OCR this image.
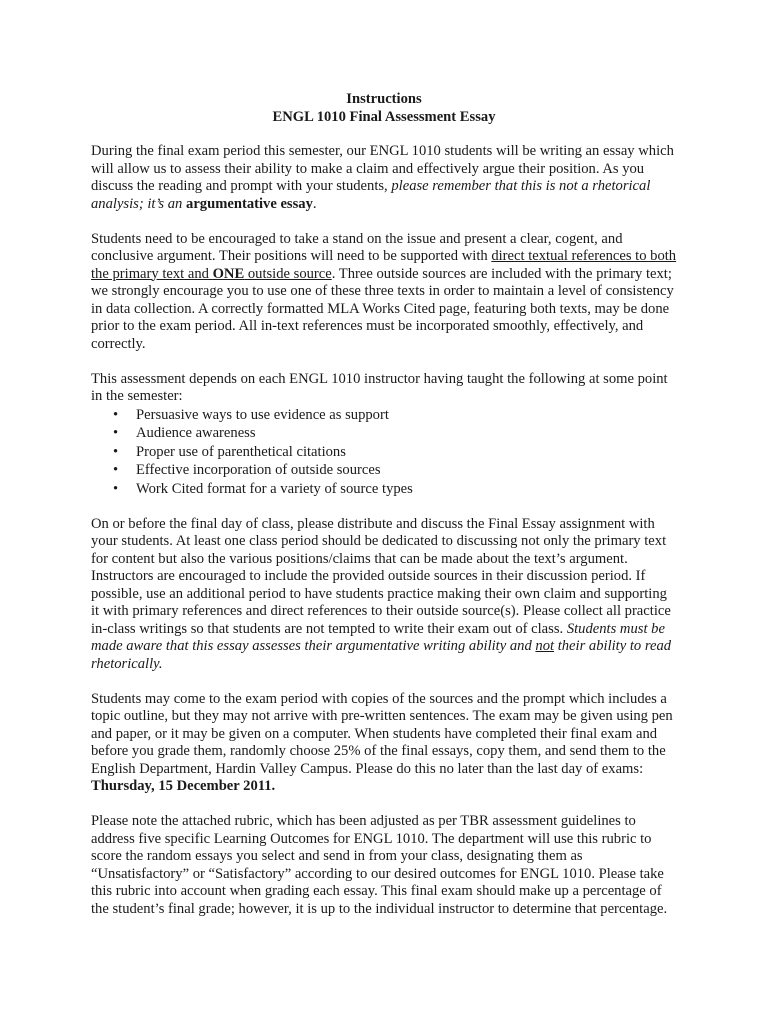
Instructions
ENGL 1010 Final Assessment Essay

During the final exam period this semester, our ENGL 1010 students will be writing an essay which will allow us to assess their ability to make a claim and effectively argue their position. As you discuss the reading and prompt with your students, please remember that this is not a rhetorical analysis; it’s an argumentative essay.

Students need to be encouraged to take a stand on the issue and present a clear, cogent, and conclusive argument. Their positions will need to be supported with direct textual references to both the primary text and ONE outside source. Three outside sources are included with the primary text; we strongly encourage you to use one of these three texts in order to maintain a level of consistency in data collection. A correctly formatted MLA Works Cited page, featuring both texts, may be done prior to the exam period. All in-text references must be incorporated smoothly, effectively, and correctly.

This assessment depends on each ENGL 1010 instructor having taught the following at some point in the semester:

• Persuasive ways to use evidence as support
• Audience awareness
• Proper use of parenthetical citations
• Effective incorporation of outside sources
• Work Cited format for a variety of source types

On or before the final day of class, please distribute and discuss the Final Essay assignment with your students. At least one class period should be dedicated to discussing not only the primary text for content but also the various positions/claims that can be made about the text’s argument. Instructors are encouraged to include the provided outside sources in their discussion period. If possible, use an additional period to have students practice making their own claim and supporting it with primary references and direct references to their outside source(s). Please collect all practice in-class writings so that students are not tempted to write their exam out of class. Students must be made aware that this essay assesses their argumentative writing ability and not their ability to read rhetorically.

Students may come to the exam period with copies of the sources and the prompt which includes a topic outline, but they may not arrive with pre-written sentences. The exam may be given using pen and paper, or it may be given on a computer. When students have completed their final exam and before you grade them, randomly choose 25% of the final essays, copy them, and send them to the English Department, Hardin Valley Campus. Please do this no later than the last day of exams: Thursday, 15 December 2011.

Please note the attached rubric, which has been adjusted as per TBR assessment guidelines to address five specific Learning Outcomes for ENGL 1010. The department will use this rubric to score the random essays you select and send in from your class, designating them as “Unsatisfactory” or “Satisfactory” according to our desired outcomes for ENGL 1010. Please take this rubric into account when grading each essay. This final exam should make up a percentage of the student’s final grade; however, it is up to the individual instructor to determine that percentage.
